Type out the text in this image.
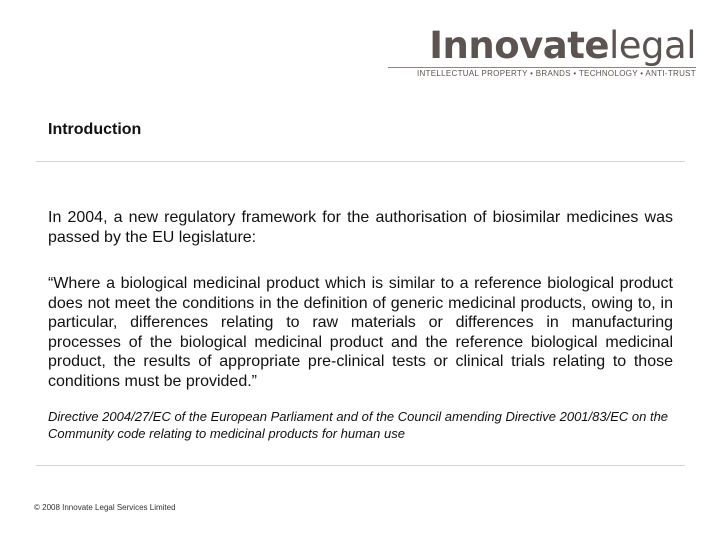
Innovatelegal
INTELLECTUAL PROPERTY • BRANDS • TECHNOLOGY • ANTI-TRUST
Introduction
In 2004, a new regulatory framework for the authorisation of biosimilar medicines was passed by the EU legislature:
“Where a biological medicinal product which is similar to a reference biological product does not meet the conditions in the definition of generic medicinal products, owing to, in particular, differences relating to raw materials or differences in manufacturing processes of the biological medicinal product and the reference biological medicinal product, the results of appropriate pre-clinical tests or clinical trials relating to those conditions must be provided.”
Directive 2004/27/EC of the European Parliament and of the Council amending Directive 2001/83/EC on the Community code relating to medicinal products for human use
© 2008 Innovate Legal Services Limited
